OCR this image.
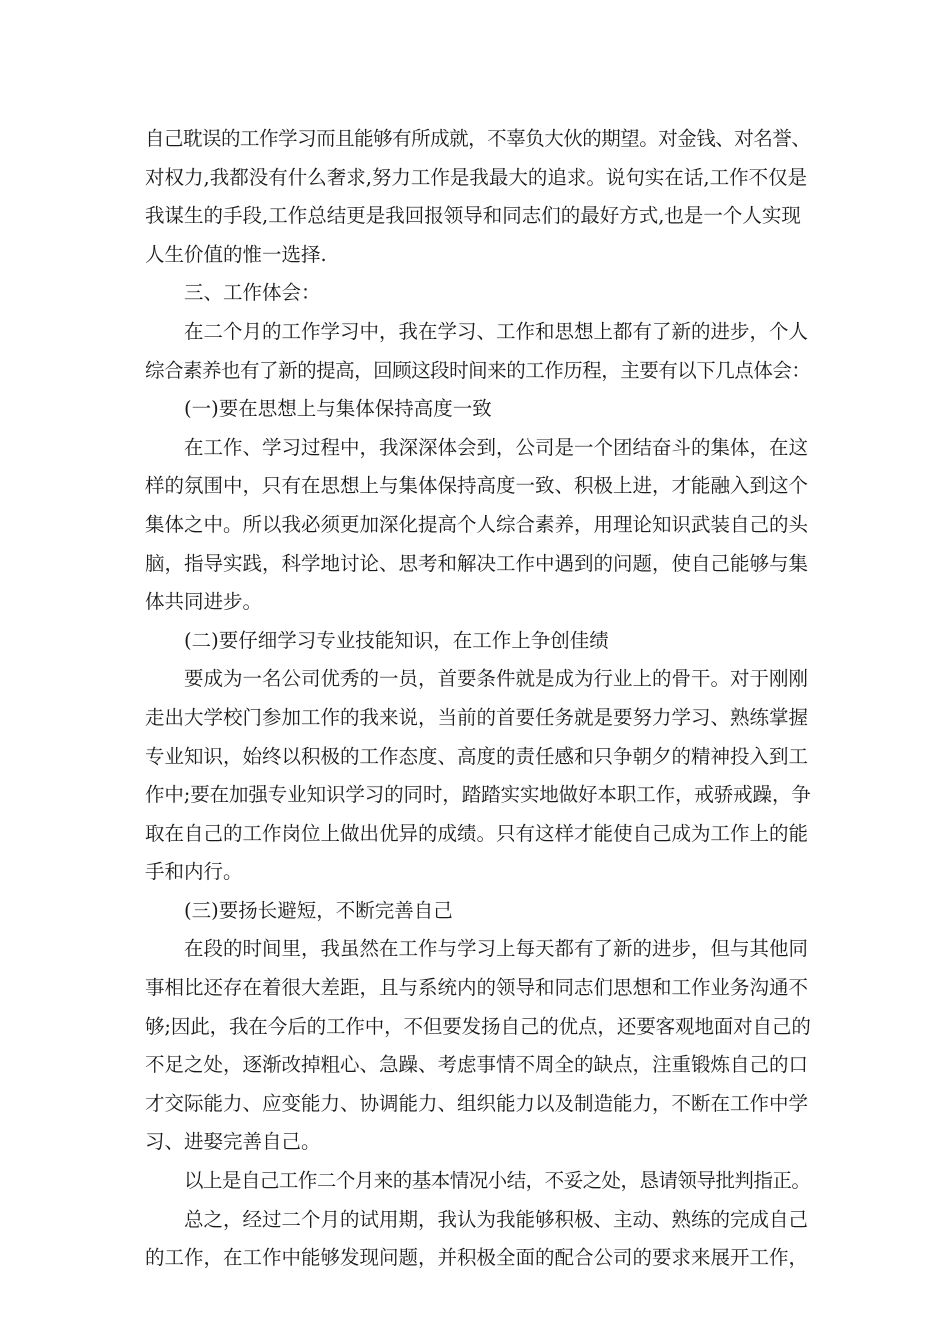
自己耽误的工作学习而且能够有所成就，不辜负大伙的期望。对金钱、对名誉、
对权力,我都没有什么奢求,努力工作是我最大的追求。说句实在话,工作不仅是
我谋生的手段,工作总结更是我回报领导和同志们的最好方式,也是一个人实现
人生价值的惟一选择.
三、工作体会：
在二个月的工作学习中，我在学习、工作和思想上都有了新的进步，个人
综合素养也有了新的提高，回顾这段时间来的工作历程，主要有以下几点体会：
(一)要在思想上与集体保持高度一致
在工作、学习过程中，我深深体会到，公司是一个团结奋斗的集体，在这
样的氛围中，只有在思想上与集体保持高度一致、积极上进，才能融入到这个
集体之中。所以我必须更加深化提高个人综合素养，用理论知识武装自己的头
脑，指导实践，科学地讨论、思考和解决工作中遇到的问题，使自己能够与集
体共同进步。
(二)要仔细学习专业技能知识，在工作上争创佳绩
要成为一名公司优秀的一员，首要条件就是成为行业上的骨干。对于刚刚
走出大学校门参加工作的我来说，当前的首要任务就是要努力学习、熟练掌握
专业知识，始终以积极的工作态度、高度的责任感和只争朝夕的精神投入到工
作中;要在加强专业知识学习的同时，踏踏实实地做好本职工作，戒骄戒躁，争
取在自己的工作岗位上做出优异的成绩。只有这样才能使自己成为工作上的能
手和内行。
(三)要扬长避短，不断完善自己
在段的时间里，我虽然在工作与学习上每天都有了新的进步，但与其他同
事相比还存在着很大差距，且与系统内的领导和同志们思想和工作业务沟通不
够;因此，我在今后的工作中，不但要发扬自己的优点，还要客观地面对自己的
不足之处，逐渐改掉粗心、急躁、考虑事情不周全的缺点，注重锻炼自己的口
才交际能力、应变能力、协调能力、组织能力以及制造能力，不断在工作中学
习、进娶完善自己。
以上是自己工作二个月来的基本情况小结，不妥之处，恳请领导批判指正。
总之，经过二个月的试用期，我认为我能够积极、主动、熟练的完成自己
的工作，在工作中能够发现问题，并积极全面的配合公司的要求来展开工作，
